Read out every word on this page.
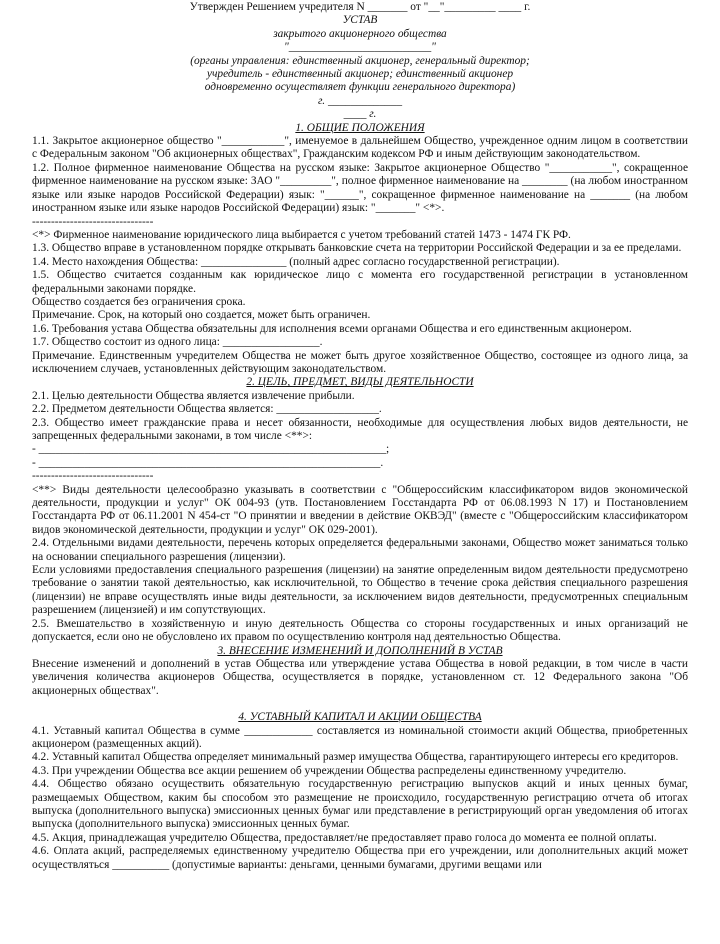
Утвержден Решением учредителя N _______ от "__"_________ ____ г.
УСТАВ
закрытого акционерного общества
"_________________________"
(органы управления: единственный акционер, генеральный директор;
учредитель - единственный акционер; единственный акционер
одновременно осуществляет функции генерального директора)
г. _____________
____ г.
1. ОБЩИЕ ПОЛОЖЕНИЯ
1.1. Закрытое акционерное общество "___________", именуемое в дальнейшем Общество, учрежденное одним лицом в соответствии с Федеральным законом "Об акционерных обществах", Гражданским кодексом РФ и иным действующим законодательством.
1.2. Полное фирменное наименование Общества на русском языке: Закрытое акционерное Общество "___________", сокращенное фирменное наименование на русском языке: ЗАО "_________", полное фирменное наименование на ________ (на любом иностранном языке или языке народов Российской Федерации) язык: "______", сокращенное фирменное наименование на _______ (на любом иностранном языке или языке народов Российской Федерации) язык: "_______" <*>.
--------------------------------
<*> Фирменное наименование юридического лица выбирается с учетом требований статей 1473 - 1474 ГК РФ.
1.3. Общество вправе в установленном порядке открывать банковские счета на территории Российской Федерации и за ее пределами.
1.4. Место нахождения Общества: _______________ (полный адрес согласно государственной регистрации).
1.5. Общество считается созданным как юридическое лицо с момента его государственной регистрации в установленном федеральными законами порядке.
Общество создается без ограничения срока.
Примечание. Срок, на который оно создается, может быть ограничен.
1.6. Требования устава Общества обязательны для исполнения всеми органами Общества и его единственным акционером.
1.7. Общество состоит из одного лица: _________________.
Примечание. Единственным учредителем Общества не может быть другое хозяйственное Общество, состоящее из одного лица, за исключением случаев, установленных действующим законодательством.
2. ЦЕЛЬ, ПРЕДМЕТ, ВИДЫ ДЕЯТЕЛЬНОСТИ
2.1. Целью деятельности Общества является извлечение прибыли.
2.2. Предметом деятельности Общества является: __________________.
2.3. Общество имеет гражданские права и несет обязанности, необходимые для осуществления любых видов деятельности, не запрещенных федеральными законами, в том числе <**>:
- _____________________________________________________________;
- ____________________________________________________________.
--------------------------------
<**> Виды деятельности целесообразно указывать в соответствии с "Общероссийским классификатором видов экономической деятельности, продукции и услуг" ОК 004-93 (утв. Постановлением Госстандарта РФ от 06.08.1993 N 17) и Постановлением Госстандарта РФ от 06.11.2001 N 454-ст "О принятии и введении в действие ОКВЭД" (вместе с "Общероссийским классификатором видов экономической деятельности, продукции и услуг" ОК 029-2001).
2.4. Отдельными видами деятельности, перечень которых определяется федеральными законами, Общество может заниматься только на основании специального разрешения (лицензии).
Если условиями предоставления специального разрешения (лицензии) на занятие определенным видом деятельности предусмотрено требование о занятии такой деятельностью, как исключительной, то Общество в течение срока действия специального разрешения (лицензии) не вправе осуществлять иные виды деятельности, за исключением видов деятельности, предусмотренных специальным разрешением (лицензией) и им сопутствующих.
2.5. Вмешательство в хозяйственную и иную деятельность Общества со стороны государственных и иных организаций не допускается, если оно не обусловлено их правом по осуществлению контроля над деятельностью Общества.
3. ВНЕСЕНИЕ ИЗМЕНЕНИЙ И ДОПОЛНЕНИЙ В УСТАВ
Внесение изменений и дополнений в устав Общества или утверждение устава Общества в новой редакции, в том числе в части увеличения количества акционеров Общества, осуществляется в порядке, установленном ст. 12 Федерального закона "Об акционерных обществах".
4. УСТАВНЫЙ КАПИТАЛ И АКЦИИ ОБЩЕСТВА
4.1. Уставный капитал Общества в сумме ____________ составляется из номинальной стоимости акций Общества, приобретенных акционером (размещенных акций).
4.2. Уставный капитал Общества определяет минимальный размер имущества Общества, гарантирующего интересы его кредиторов.
4.3. При учреждении Общества все акции решением об учреждении Общества распределены единственному учредителю.
4.4. Общество обязано осуществить обязательную государственную регистрацию выпусков акций и иных ценных бумаг, размещаемых Обществом, каким бы способом это размещение не происходило, государственную регистрацию отчета об итогах выпуска (дополнительного выпуска) эмиссионных ценных бумаг или представление в регистрирующий орган уведомления об итогах выпуска (дополнительного выпуска) эмиссионных ценных бумаг.
4.5. Акция, принадлежащая учредителю Общества, предоставляет/не предоставляет право голоса до момента ее полной оплаты.
4.6. Оплата акций, распределяемых единственному учредителю Общества при его учреждении, или дополнительных акций может осуществляться __________ (допустимые варианты: деньгами, ценными бумагами, другими вещами или
